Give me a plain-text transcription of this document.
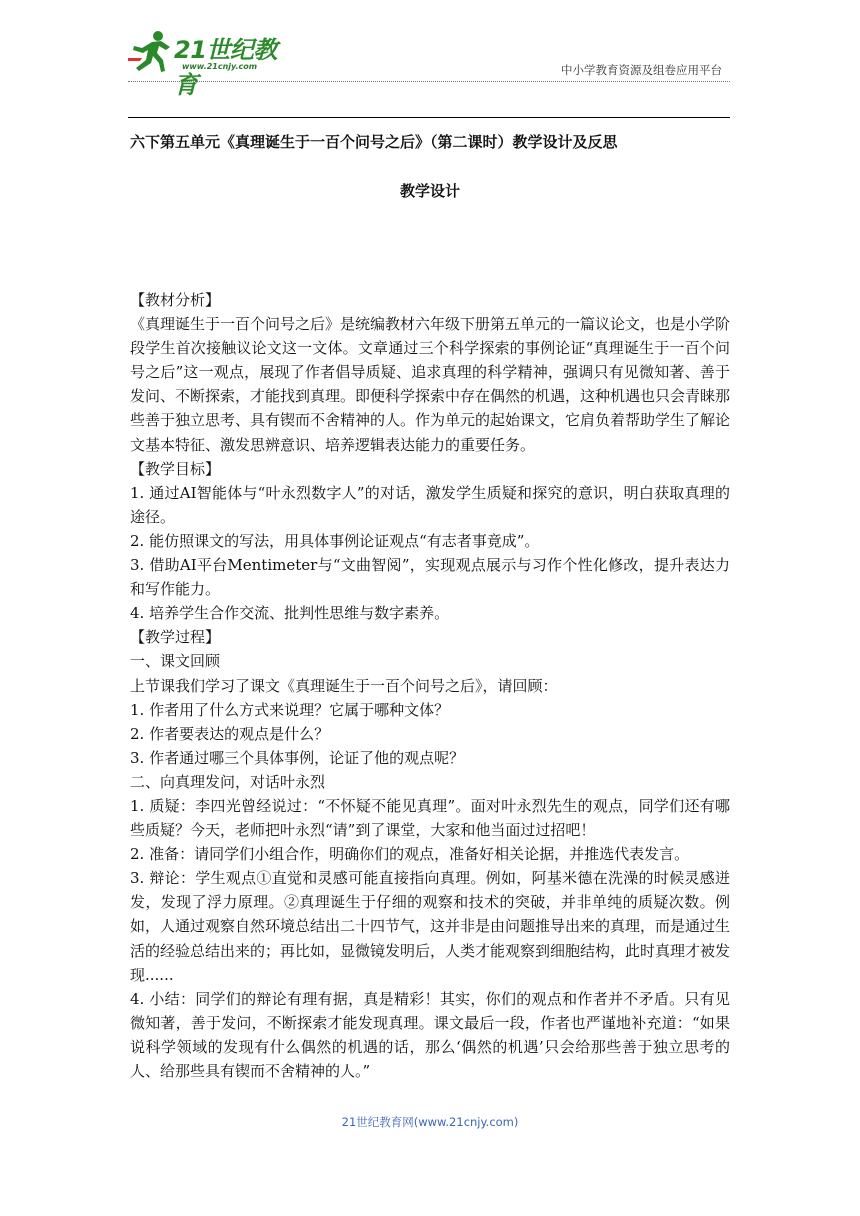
21世纪教育
www.21cnjy.com	中小学教育资源及组卷应用平台
六下第五单元《真理诞生于一百个问号之后》（第二课时）教学设计及反思
教学设计

【教材分析】

《真理诞生于一百个问号之后》是统编教材六年级下册第五单元的一篇议论文，也是小学阶段学生首次接触议论文这一文体。文章通过三个科学探索的事例论证“真理诞生于一百个问号之后”这一观点，展现了作者倡导质疑、追求真理的科学精神，强调只有见微知著、善于发问、不断探索，才能找到真理。即便科学探索中存在偶然的机遇，这种机遇也只会青睐那些善于独立思考、具有锲而不舍精神的人。作为单元的起始课文，它肩负着帮助学生了解论文基本特征、激发思辨意识、培养逻辑表达能力的重要任务。

【教学目标】

1. 通过AI智能体与“叶永烈数字人”的对话，激发学生质疑和探究的意识，明白获取真理的途径。

2. 能仿照课文的写法，用具体事例论证观点“有志者事竟成”。

3. 借助AI平台Mentimeter与“文曲智阅”，实现观点展示与习作个性化修改，提升表达力和写作能力。

4. 培养学生合作交流、批判性思维与数字素养。

【教学过程】

一、课文回顾

上节课我们学习了课文《真理诞生于一百个问号之后》，请回顾：

1. 作者用了什么方式来说理？它属于哪种文体？

2. 作者要表达的观点是什么？

3. 作者通过哪三个具体事例，论证了他的观点呢？

二、向真理发问，对话叶永烈

1. 质疑：李四光曾经说过：“不怀疑不能见真理”。面对叶永烈先生的观点，同学们还有哪些质疑？今天，老师把叶永烈“请”到了课堂，大家和他当面过过招吧！

2. 准备：请同学们小组合作，明确你们的观点，准备好相关论据，并推选代表发言。

3. 辩论：学生观点①直觉和灵感可能直接指向真理。例如，阿基米德在洗澡的时候灵感迸发，发现了浮力原理。②真理诞生于仔细的观察和技术的突破，并非单纯的质疑次数。例如，人通过观察自然环境总结出二十四节气，这并非是由问题推导出来的真理，而是通过生活的经验总结出来的；再比如，显微镜发明后，人类才能观察到细胞结构，此时真理才被发现......

4. 小结：同学们的辩论有理有据，真是精彩！其实，你们的观点和作者并不矛盾。只有见微知著，善于发问，不断探索才能发现真理。课文最后一段，作者也严谨地补充道：“如果说科学领域的发现有什么偶然的机遇的话，那么‘偶然的机遇’只会给那些善于独立思考的人、给那些具有锲而不舍精神的人。”

21世纪教育网(www.21cnjy.com)
